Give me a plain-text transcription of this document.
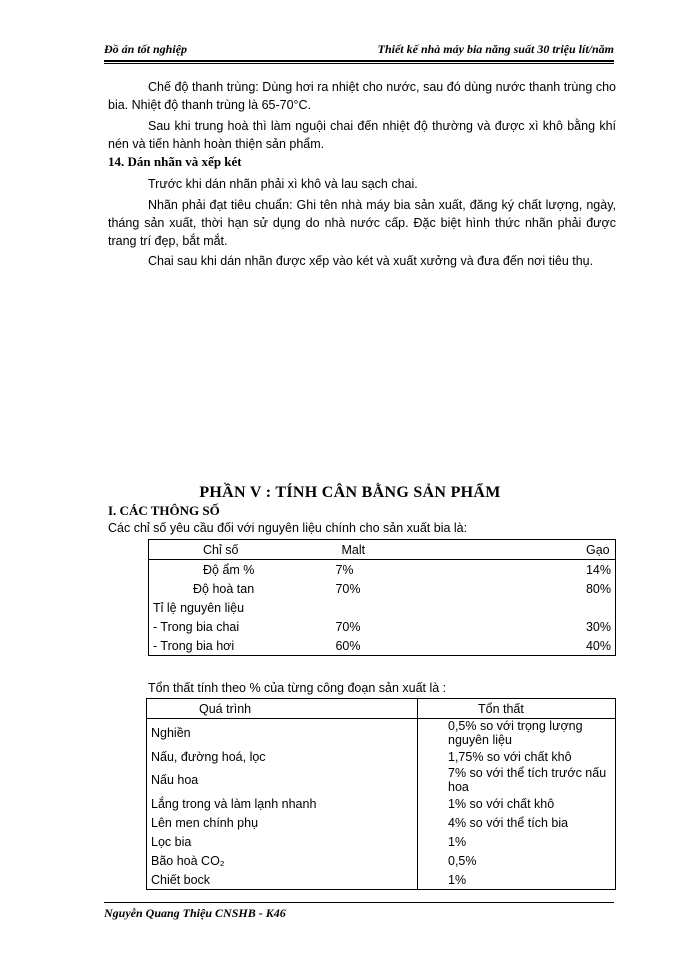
Đồ án tốt nghiệp	Thiết kế nhà máy bia năng suất 30 triệu lít/năm
Chế độ thanh trùng: Dùng hơi ra nhiệt cho nước, sau đó dùng nước thanh trùng cho bia. Nhiệt độ thanh trùng là 65-70°C.
Sau khi trung hoà thì làm nguội chai đến nhiệt độ thường và được xì khô bằng khí nén và tiến hành hoàn thiện sản phẩm.
14. Dán nhãn và xếp két
Trước khi dán nhãn phải xì khô và lau sạch chai.
Nhãn phải đạt tiêu chuẩn: Ghi tên nhà máy bia sản xuất, đăng ký chất lượng, ngày, tháng sản xuất, thời hạn sử dụng do nhà nước cấp. Đặc biệt hình thức nhãn phải được trang trí đẹp, bắt mắt.
Chai sau khi dán nhãn được xếp vào két và xuất xưởng và đưa đến nơi tiêu thụ.
PHẦN V : TÍNH CÂN BẰNG SẢN PHẨM
I. CÁC THÔNG SỐ
Các chỉ số yêu cầu đối với nguyên liệu chính cho sản xuất bia là:
Chỉ số	Malt	Gạo
Độ ẩm %	7%	14%
Độ hoà tan	70%	80%
Tỉ lệ nguyên liệu		
- Trong bia chai	70%	30%
- Trong bia hơi	60%	40%
Tổn thất tính theo % của từng công đoạn sản xuất là :
Quá trình	Tổn thất
Nghiền	0,5% so với trọng lượng nguyên liệu
Nấu, đường hoá, lọc	1,75% so với chất khô
Nấu hoa	7% so với thể tích trước nấu hoa
Lắng trong và làm lạnh nhanh	1% so với chất khô
Lên men chính phụ	4% so với thể tích bia
Lọc bia	1%
Bão hoà CO₂	0,5%
Chiết bock	1%
Nguyễn Quang Thiệu CNSHB - K46
